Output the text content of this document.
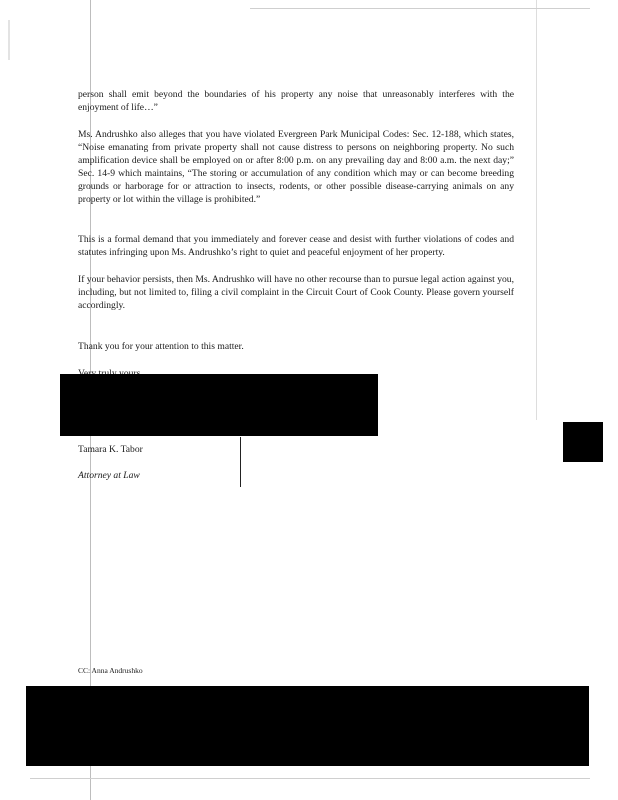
person shall emit beyond the boundaries of his property any noise that unreasonably interferes with the enjoyment of life…”

Ms. Andrushko also alleges that you have violated Evergreen Park Municipal Codes: Sec. 12-188, which states, “Noise emanating from private property shall not cause distress to persons on neighboring property. No such amplification device shall be employed on or after 8:00 p.m. on any prevailing day and 8:00 a.m. the next day;” Sec. 14-9 which maintains, “The storing or accumulation of any condition which may or can become breeding grounds or harborage for or attraction to insects, rodents, or other possible disease-carrying animals on any property or lot within the village is prohibited.”

This is a formal demand that you immediately and forever cease and desist with further violations of codes and statutes infringing upon Ms. Andrushko’s right to quiet and peaceful enjoyment of her property.

If your behavior persists, then Ms. Andrushko will have no other recourse than to pursue legal action against you, including, but not limited to, filing a civil complaint in the Circuit Court of Cook County. Please govern yourself accordingly.

Thank you for your attention to this matter.

Tamara K. Tabor

Attorney at Law

CC: Anna Andrushko
